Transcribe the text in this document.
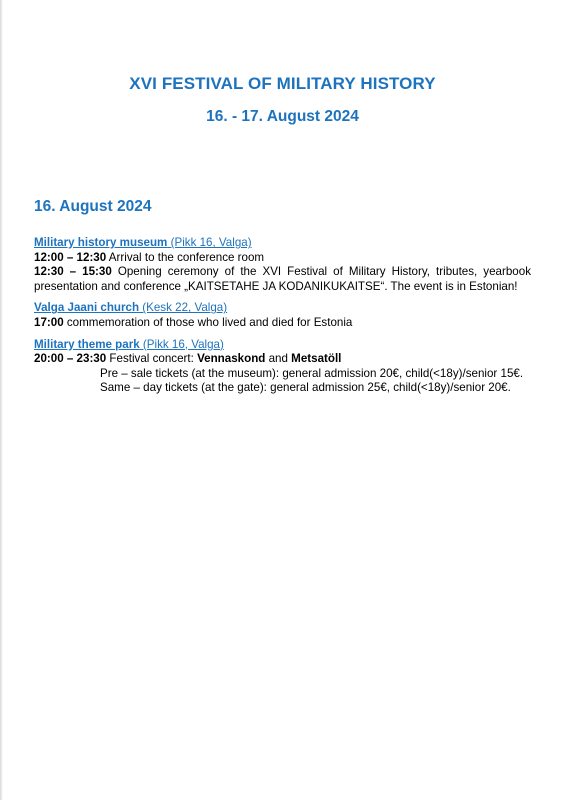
XVI FESTIVAL OF MILITARY HISTORY
16. - 17. August 2024
16. August 2024
Military history museum (Pikk 16, Valga)
12:00 – 12:30 Arrival to the conference room
12:30 – 15:30 Opening ceremony of the XVI Festival of Military History, tributes, yearbook presentation and conference „KAITSETAHE JA KODANIKUKAITSE“. The event is in Estonian!
Valga Jaani church (Kesk 22, Valga)
17:00 commemoration of those who lived and died for Estonia
Military theme park (Pikk 16, Valga)
20:00 – 23:30 Festival concert: Vennaskond and Metsatöll
Pre – sale tickets (at the museum): general admission 20€, child(<18y)/senior 15€.
Same – day tickets (at the gate): general admission 25€, child(<18y)/senior 20€.
